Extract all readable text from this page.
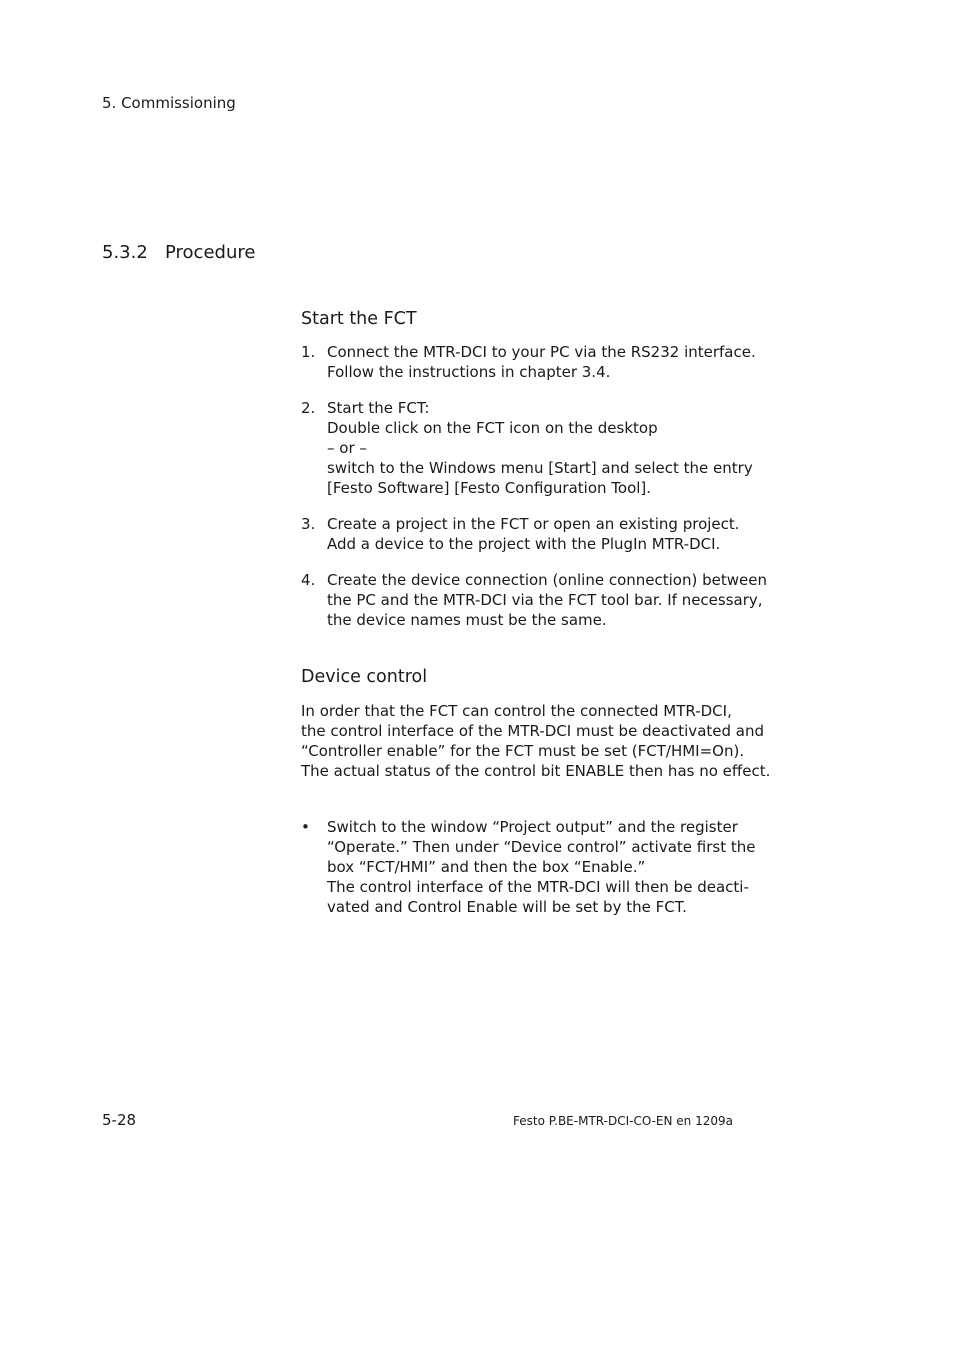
5. Commissioning
5.3.2 Procedure
Start the FCT
1. Connect the MTR-DCI to your PC via the RS232 interface.
Follow the instructions in chapter 3.4.
2. Start the FCT:
Double click on the FCT icon on the desktop
– or –
switch to the Windows menu [Start] and select the entry
[Festo Software] [Festo Configuration Tool].
3. Create a project in the FCT or open an existing project.
Add a device to the project with the PlugIn MTR-DCI.
4. Create the device connection (online connection) between
the PC and the MTR-DCI via the FCT tool bar. If necessary,
the device names must be the same.
Device control
In order that the FCT can control the connected MTR-DCI,
the control interface of the MTR-DCI must be deactivated and
“Controller enable” for the FCT must be set (FCT/HMI=On).
The actual status of the control bit ENABLE then has no effect.
• Switch to the window “Project output” and the register
“Operate.” Then under “Device control” activate first the
box “FCT/HMI” and then the box “Enable.”
The control interface of the MTR-DCI will then be deacti-
vated and Control Enable will be set by the FCT.
5-28	Festo P.BE-MTR-DCI-CO-EN en 1209a
